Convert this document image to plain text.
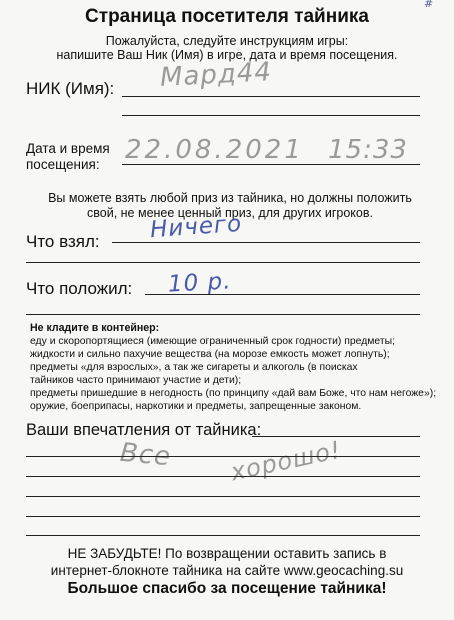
#
Страница посетителя тайника
Пожалуйста, следуйте инструкциям игры:
напишите Ваш Ник (Имя) в игре, дата и время посещения.
НИК (Имя): Мард44
Дата и время
посещения: 22.08.2021 15:33
Вы можете взять любой приз из тайника, но должны положить
свой, не менее ценный приз, для других игроков.
Что взял: Ничего
Что положил: 10 р.
Не кладите в контейнер:
еду и скоропортящиеся (имеющие ограниченный срок годности) предметы;
жидкости и сильно пахучие вещества (на морозе емкость может лопнуть);
предметы «для взрослых», а так же сигареты и алкоголь (в поисках
тайников часто принимают участие и дети);
предметы пришедшие в негодность (по принципу «дай вам Боже, что нам негоже»);
оружие, боеприпасы, наркотики и предметы, запрещенные законом.
Ваши впечатления от тайника:
Все хорошо!
НЕ ЗАБУДЬТЕ! По возвращении оставить запись в
интернет-блокноте тайника на сайте www.geocaching.su
Большое спасибо за посещение тайника!
